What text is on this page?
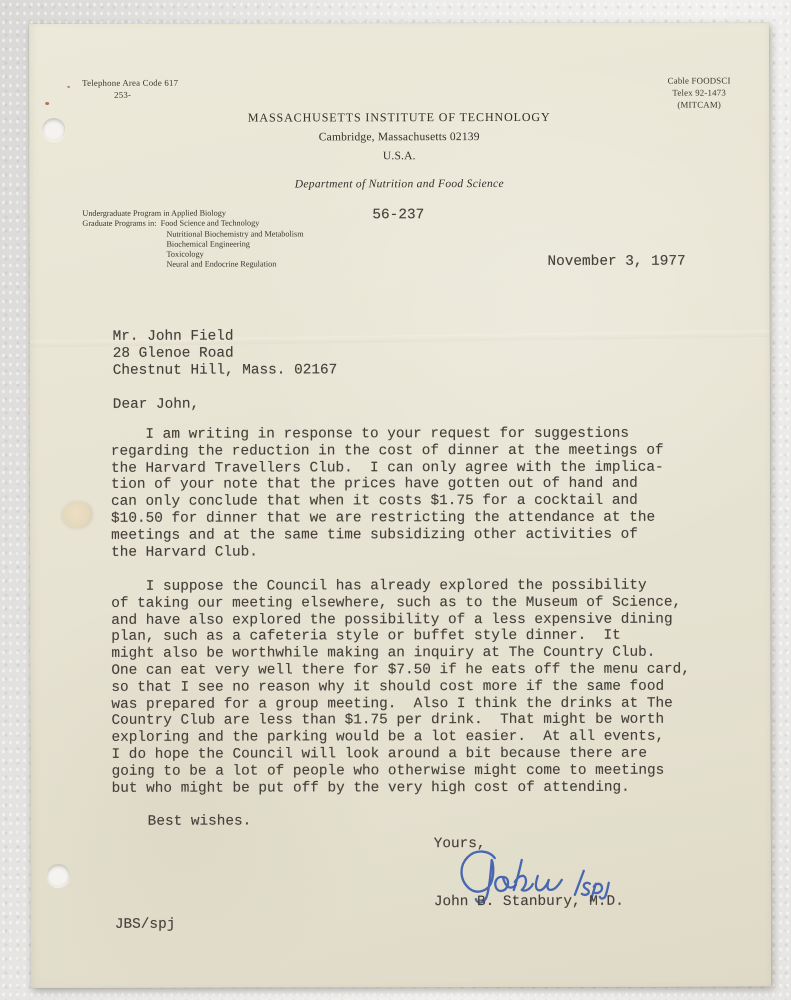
Telephone Area Code 617
253-
Cable FOODSCI
Telex 92-1473
(MITCAM)
MASSACHUSETTS INSTITUTE OF TECHNOLOGY
Cambridge, Massachusetts 02139
U.S.A.
Department of Nutrition and Food Science
Undergraduate Program in Applied Biology
Graduate Programs in: Food Science and Technology
Nutritional Biochemistry and Metabolism
Biochemical Engineering
Toxicology
Neural and Endocrine Regulation
56-237
November 3, 1977
Mr. John Field
28 Glenoe Road
Chestnut Hill, Mass. 02167
Dear John,
I am writing in response to your request for suggestions
regarding the reduction in the cost of dinner at the meetings of
the Harvard Travellers Club.  I can only agree with the implica-
tion of your note that the prices have gotten out of hand and
can only conclude that when it costs $1.75 for a cocktail and
$10.50 for dinner that we are restricting the attendance at the
meetings and at the same time subsidizing other activities of
the Harvard Club.
I suppose the Council has already explored the possibility
of taking our meeting elsewhere, such as to the Museum of Science,
and have also explored the possibility of a less expensive dining
plan, such as a cafeteria style or buffet style dinner.  It
might also be worthwhile making an inquiry at The Country Club.
One can eat very well there for $7.50 if he eats off the menu card,
so that I see no reason why it should cost more if the same food
was prepared for a group meeting.  Also I think the drinks at The
Country Club are less than $1.75 per drink.  That might be worth
exploring and the parking would be a lot easier.  At all events,
I do hope the Council will look around a bit because there are
going to be a lot of people who otherwise might come to meetings
but who might be put off by the very high cost of attending.
Best wishes.
Yours,
John B. Stanbury, M.D.
JBS/spj
